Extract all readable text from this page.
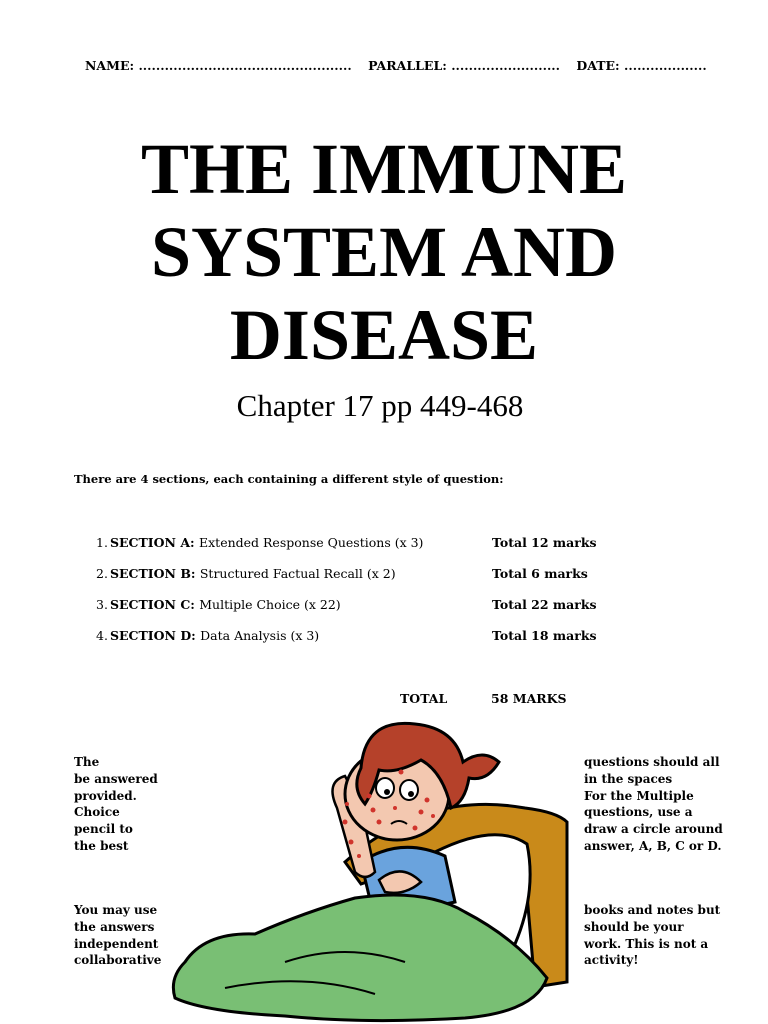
NAME: ................................................. PARALLEL: ......................... DATE: ...................
THE IMMUNE
SYSTEM AND
DISEASE
Chapter 17 pp 449-468
There are 4 sections, each containing a different style of question:
1. SECTION A: Extended Response Questions (x 3)	Total 12 marks
2. SECTION B: Structured Factual Recall (x 2)	Total 6 marks
3. SECTION C: Multiple Choice (x 22)	Total 22 marks
4. SECTION D: Data Analysis (x 3)	Total 18 marks
TOTAL	58 MARKS
The
be answered
provided.
Choice
pencil to
the best
questions should all
in the spaces
For the Multiple
questions, use a
draw a circle around
answer, A, B, C or D.
You may use
the answers
independent
collaborative
books and notes but
should be your
work. This is not a
activity!
